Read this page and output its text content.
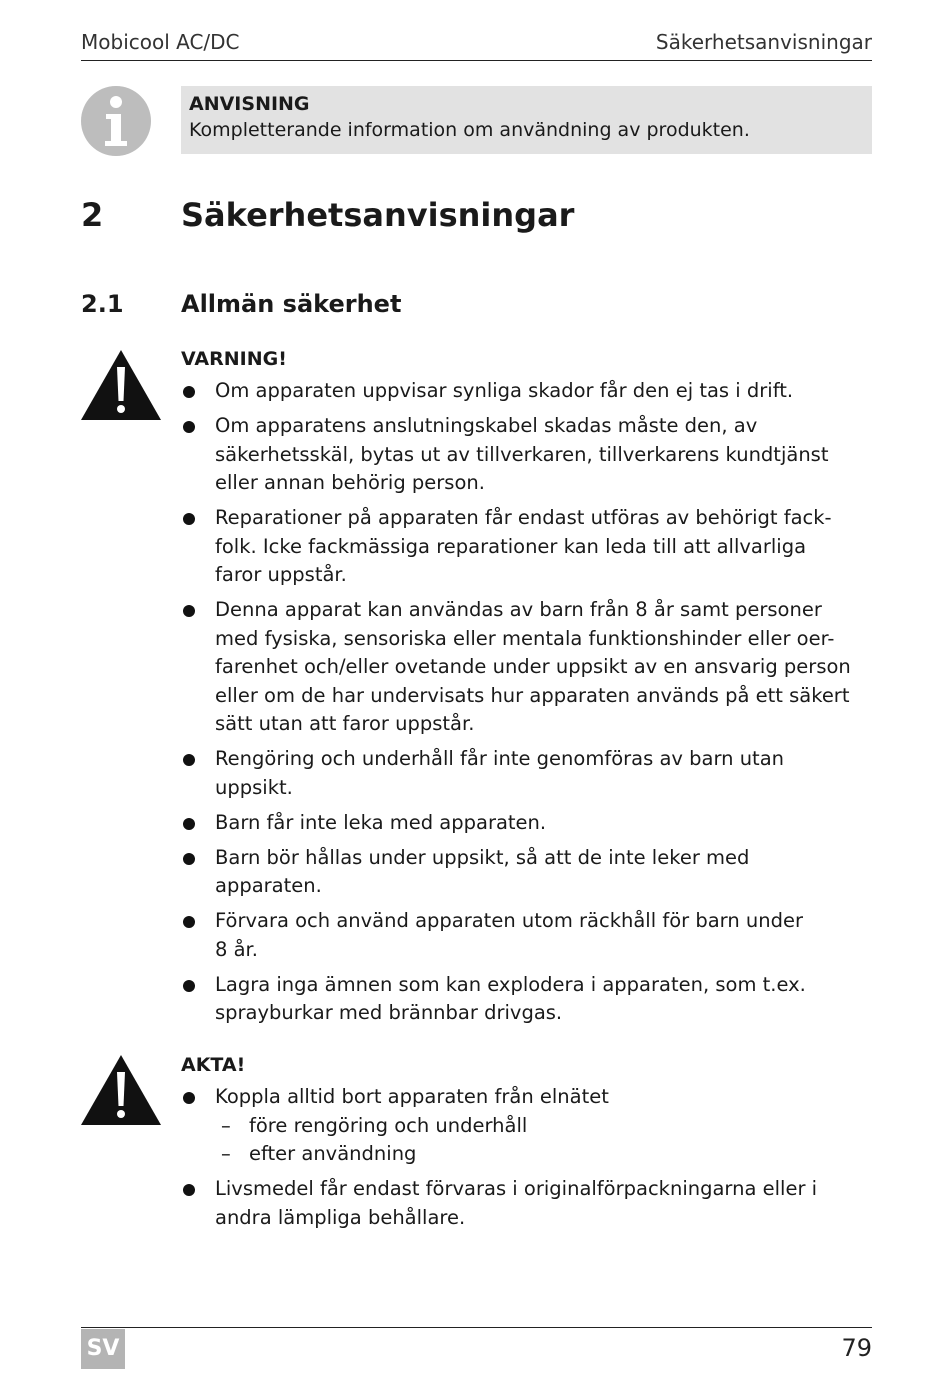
Mobicool AC/DC	Säkerhetsanvisningar
ANVISNING
Kompletterande information om användning av produkten.
2 Säkerhetsanvisningar
2.1 Allmän säkerhet
VARNING!
Om apparaten uppvisar synliga skador får den ej tas i drift.
Om apparatens anslutningskabel skadas måste den, av
säkerhetsskäl, bytas ut av tillverkaren, tillverkarens kundtjänst
eller annan behörig person.
Reparationer på apparaten får endast utföras av behörigt fack-
folk. Icke fackmässiga reparationer kan leda till att allvarliga
faror uppstår.
Denna apparat kan användas av barn från 8 år samt personer
med fysiska, sensoriska eller mentala funktionshinder eller oer-
farenhet och/eller ovetande under uppsikt av en ansvarig person
eller om de har undervisats hur apparaten används på ett säkert
sätt utan att faror uppstår.
Rengöring och underhåll får inte genomföras av barn utan
uppsikt.
Barn får inte leka med apparaten.
Barn bör hållas under uppsikt, så att de inte leker med
apparaten.
Förvara och använd apparaten utom räckhåll för barn under
8 år.
Lagra inga ämnen som kan explodera i apparaten, som t.ex.
sprayburkar med brännbar drivgas.
AKTA!
Koppla alltid bort apparaten från elnätet
– före rengöring och underhåll
– efter användning
Livsmedel får endast förvaras i originalförpackningarna eller i
andra lämpliga behållare.
SV	79
